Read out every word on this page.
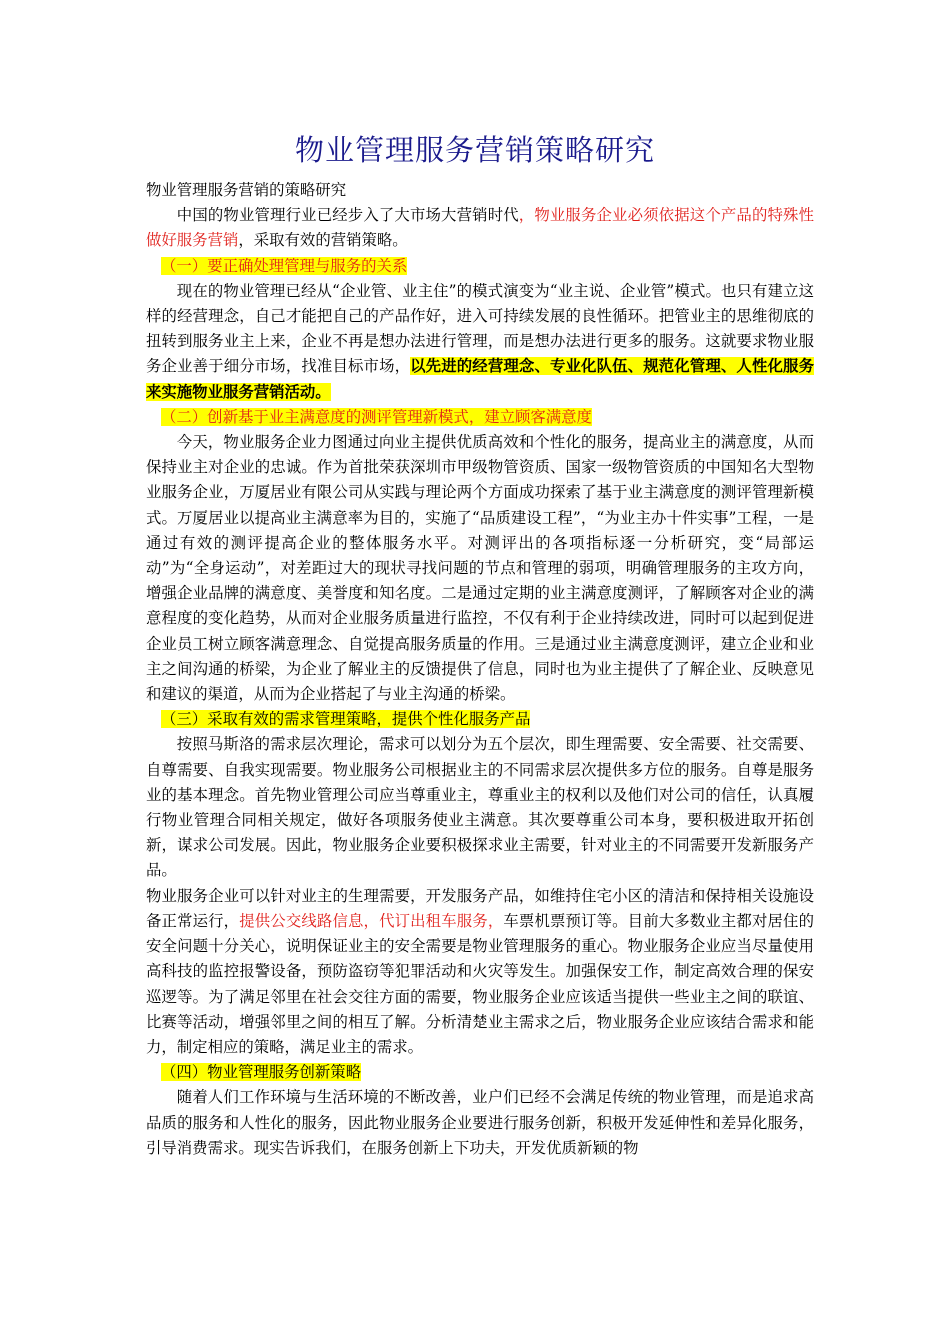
物业管理服务营销策略研究

物业管理服务营销的策略研究

中国的物业管理行业已经步入了大市场大营销时代，物业服务企业必须依据这个产品的特殊性做好服务营销，采取有效的营销策略。

（一）要正确处理管理与服务的关系

现在的物业管理已经从“企业管、业主住”的模式演变为“业主说、企业管”模式。也只有建立这样的经营理念，自己才能把自己的产品作好，进入可持续发展的良性循环。把管业主的思维彻底的扭转到服务业主上来，企业不再是想办法进行管理，而是想办法进行更多的服务。这就要求物业服务企业善于细分市场，找准目标市场，以先进的经营理念、专业化队伍、规范化管理、人性化服务来实施物业服务营销活动。

（二）创新基于业主满意度的测评管理新模式，建立顾客满意度

今天，物业服务企业力图通过向业主提供优质高效和个性化的服务，提高业主的满意度，从而保持业主对企业的忠诚。作为首批荣获深圳市甲级物管资质、国家一级物管资质的中国知名大型物业服务企业，万厦居业有限公司从实践与理论两个方面成功探索了基于业主满意度的测评管理新模式。万厦居业以提高业主满意率为目的，实施了“品质建设工程”，“为业主办十件实事”工程，一是通过有效的测评提高企业的整体服务水平。对测评出的各项指标逐一分析研究，变“局部运动”为“全身运动”，对差距过大的现状寻找问题的节点和管理的弱项，明确管理服务的主攻方向，增强企业品牌的满意度、美誉度和知名度。二是通过定期的业主满意度测评，了解顾客对企业的满意程度的变化趋势，从而对企业服务质量进行监控，不仅有利于企业持续改进，同时可以起到促进企业员工树立顾客满意理念、自觉提高服务质量的作用。三是通过业主满意度测评，建立企业和业主之间沟通的桥梁，为企业了解业主的反馈提供了信息，同时也为业主提供了了解企业、反映意见和建议的渠道，从而为企业搭起了与业主沟通的桥梁。

（三）采取有效的需求管理策略，提供个性化服务产品

按照马斯洛的需求层次理论，需求可以划分为五个层次，即生理需要、安全需要、社交需要、自尊需要、自我实现需要。物业服务公司根据业主的不同需求层次提供多方位的服务。自尊是服务业的基本理念。首先物业管理公司应当尊重业主，尊重业主的权利以及他们对公司的信任，认真履行物业管理合同相关规定，做好各项服务使业主满意。其次要尊重公司本身，要积极进取开拓创新，谋求公司发展。因此，物业服务企业要积极探求业主需要，针对业主的不同需要开发新服务产品。

物业服务企业可以针对业主的生理需要，开发服务产品，如维持住宅小区的清洁和保持相关设施设备正常运行，提供公交线路信息，代订出租车服务，车票机票预订等。目前大多数业主都对居住的安全问题十分关心，说明保证业主的安全需要是物业管理服务的重心。物业服务企业应当尽量使用高科技的监控报警设备，预防盗窃等犯罪活动和火灾等发生。加强保安工作，制定高效合理的保安巡逻等。为了满足邻里在社会交往方面的需要，物业服务企业应该适当提供一些业主之间的联谊、比赛等活动，增强邻里之间的相互了解。分析清楚业主需求之后，物业服务企业应该结合需求和能力，制定相应的策略，满足业主的需求。

（四）物业管理服务创新策略

随着人们工作环境与生活环境的不断改善，业户们已经不会满足传统的物业管理，而是追求高品质的服务和人性化的服务，因此物业服务企业要进行服务创新，积极开发延伸性和差异化服务，引导消费需求。现实告诉我们，在服务创新上下功夫，开发优质新颖的物
